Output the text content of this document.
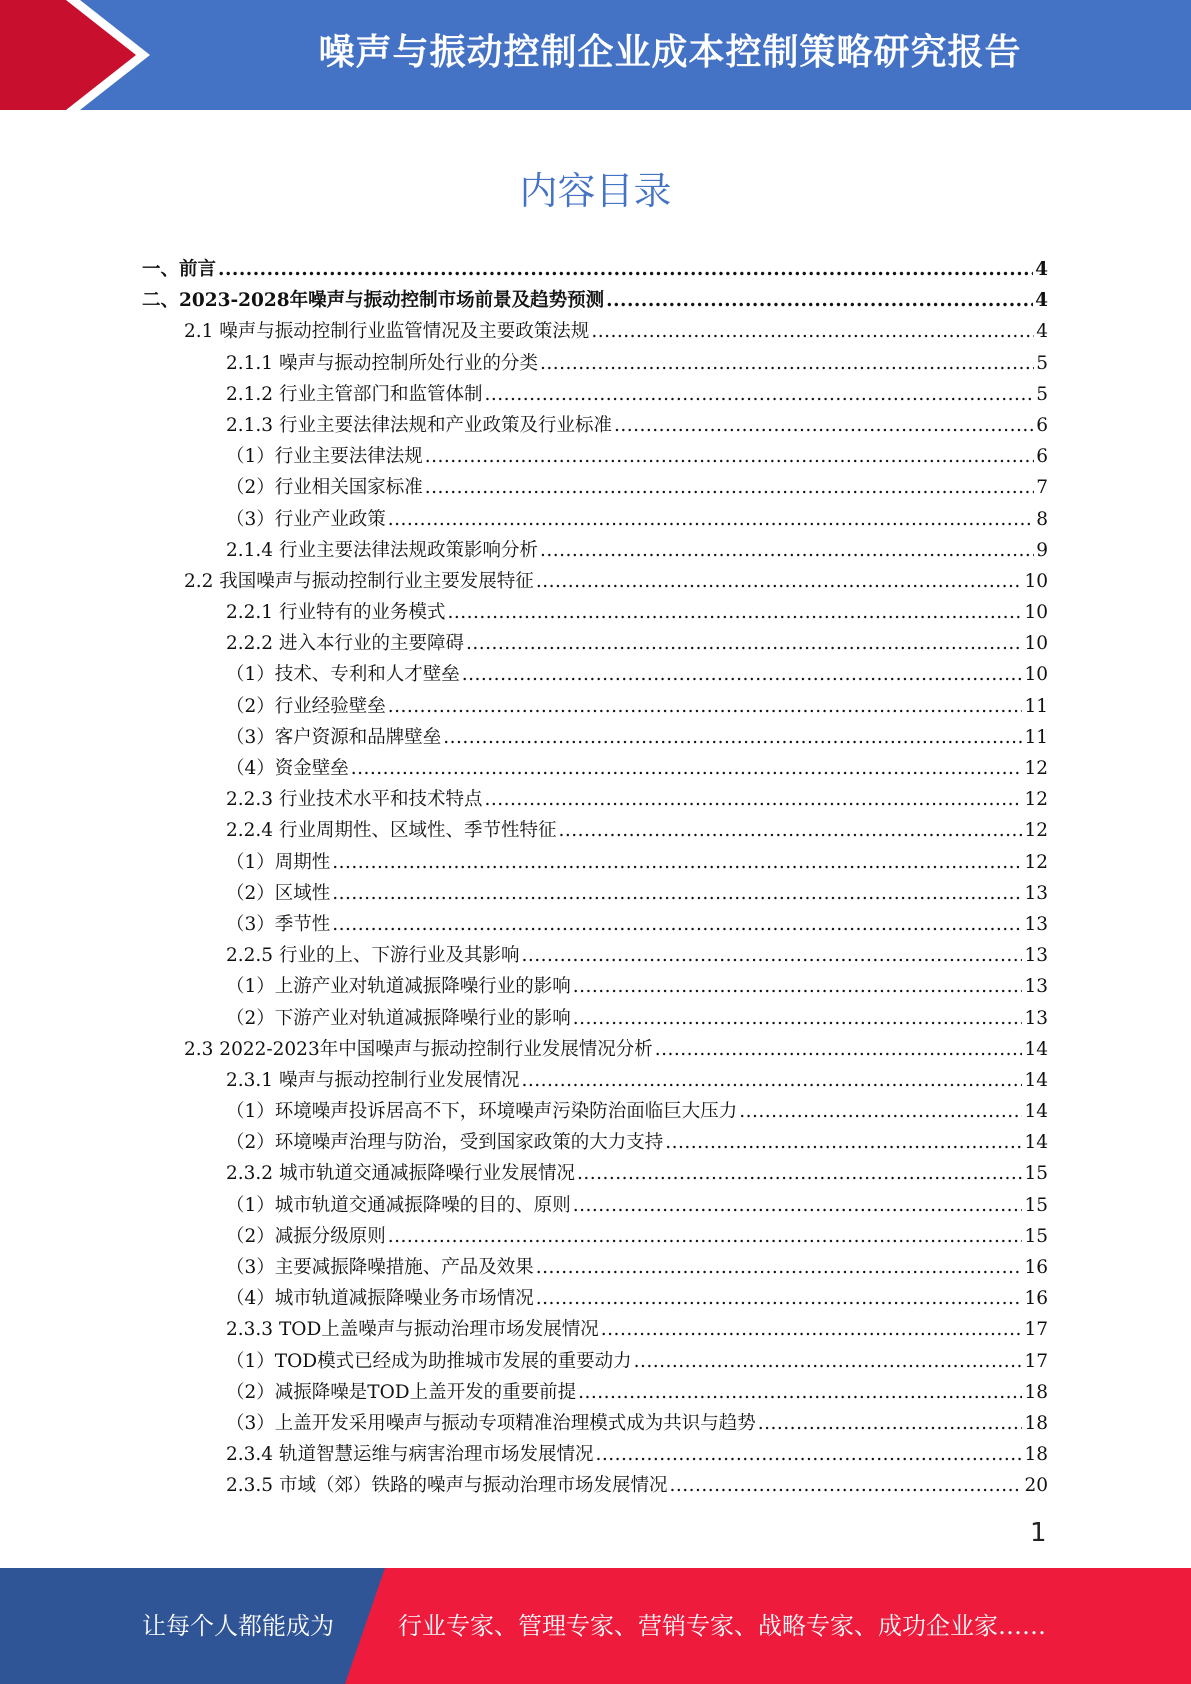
噪声与振动控制企业成本控制策略研究报告
内容目录
一、前言 .....	4
二、2023-2028年噪声与振动控制市场前景及趋势预测 .....	4
2.1 噪声与振动控制行业监管情况及主要政策法规 .....	4
2.1.1 噪声与振动控制所处行业的分类 .....	5
2.1.2 行业主管部门和监管体制 .....	5
2.1.3 行业主要法律法规和产业政策及行业标准 .....	6
（1）行业主要法律法规 .....	6
（2）行业相关国家标准 .....	7
（3）行业产业政策 .....	8
2.1.4 行业主要法律法规政策影响分析 .....	9
2.2 我国噪声与振动控制行业主要发展特征 .....	10
2.2.1 行业特有的业务模式 .....	10
2.2.2 进入本行业的主要障碍 .....	10
（1）技术、专利和人才壁垒 .....	10
（2）行业经验壁垒 .....	11
（3）客户资源和品牌壁垒 .....	11
（4）资金壁垒 .....	12
2.2.3 行业技术水平和技术特点 .....	12
2.2.4 行业周期性、区域性、季节性特征 .....	12
（1）周期性 .....	12
（2）区域性 .....	13
（3）季节性 .....	13
2.2.5 行业的上、下游行业及其影响 .....	13
（1）上游产业对轨道减振降噪行业的影响 .....	13
（2）下游产业对轨道减振降噪行业的影响 .....	13
2.3 2022-2023年中国噪声与振动控制行业发展情况分析 .....	14
2.3.1 噪声与振动控制行业发展情况 .....	14
（1）环境噪声投诉居高不下，环境噪声污染防治面临巨大压力 .....	14
（2）环境噪声治理与防治，受到国家政策的大力支持 .....	14
2.3.2 城市轨道交通减振降噪行业发展情况 .....	15
（1）城市轨道交通减振降噪的目的、原则 .....	15
（2）减振分级原则 .....	15
（3）主要减振降噪措施、产品及效果 .....	16
（4）城市轨道减振降噪业务市场情况 .....	16
2.3.3 TOD上盖噪声与振动治理市场发展情况 .....	17
（1）TOD模式已经成为助推城市发展的重要动力 .....	17
（2）减振降噪是TOD上盖开发的重要前提 .....	18
（3）上盖开发采用噪声与振动专项精准治理模式成为共识与趋势 .....	18
2.3.4 轨道智慧运维与病害治理市场发展情况 .....	18
2.3.5 市域（郊）铁路的噪声与振动治理市场发展情况 .....	20
1
让每个人都能成为	行业专家、管理专家、营销专家、战略专家、成功企业家……
